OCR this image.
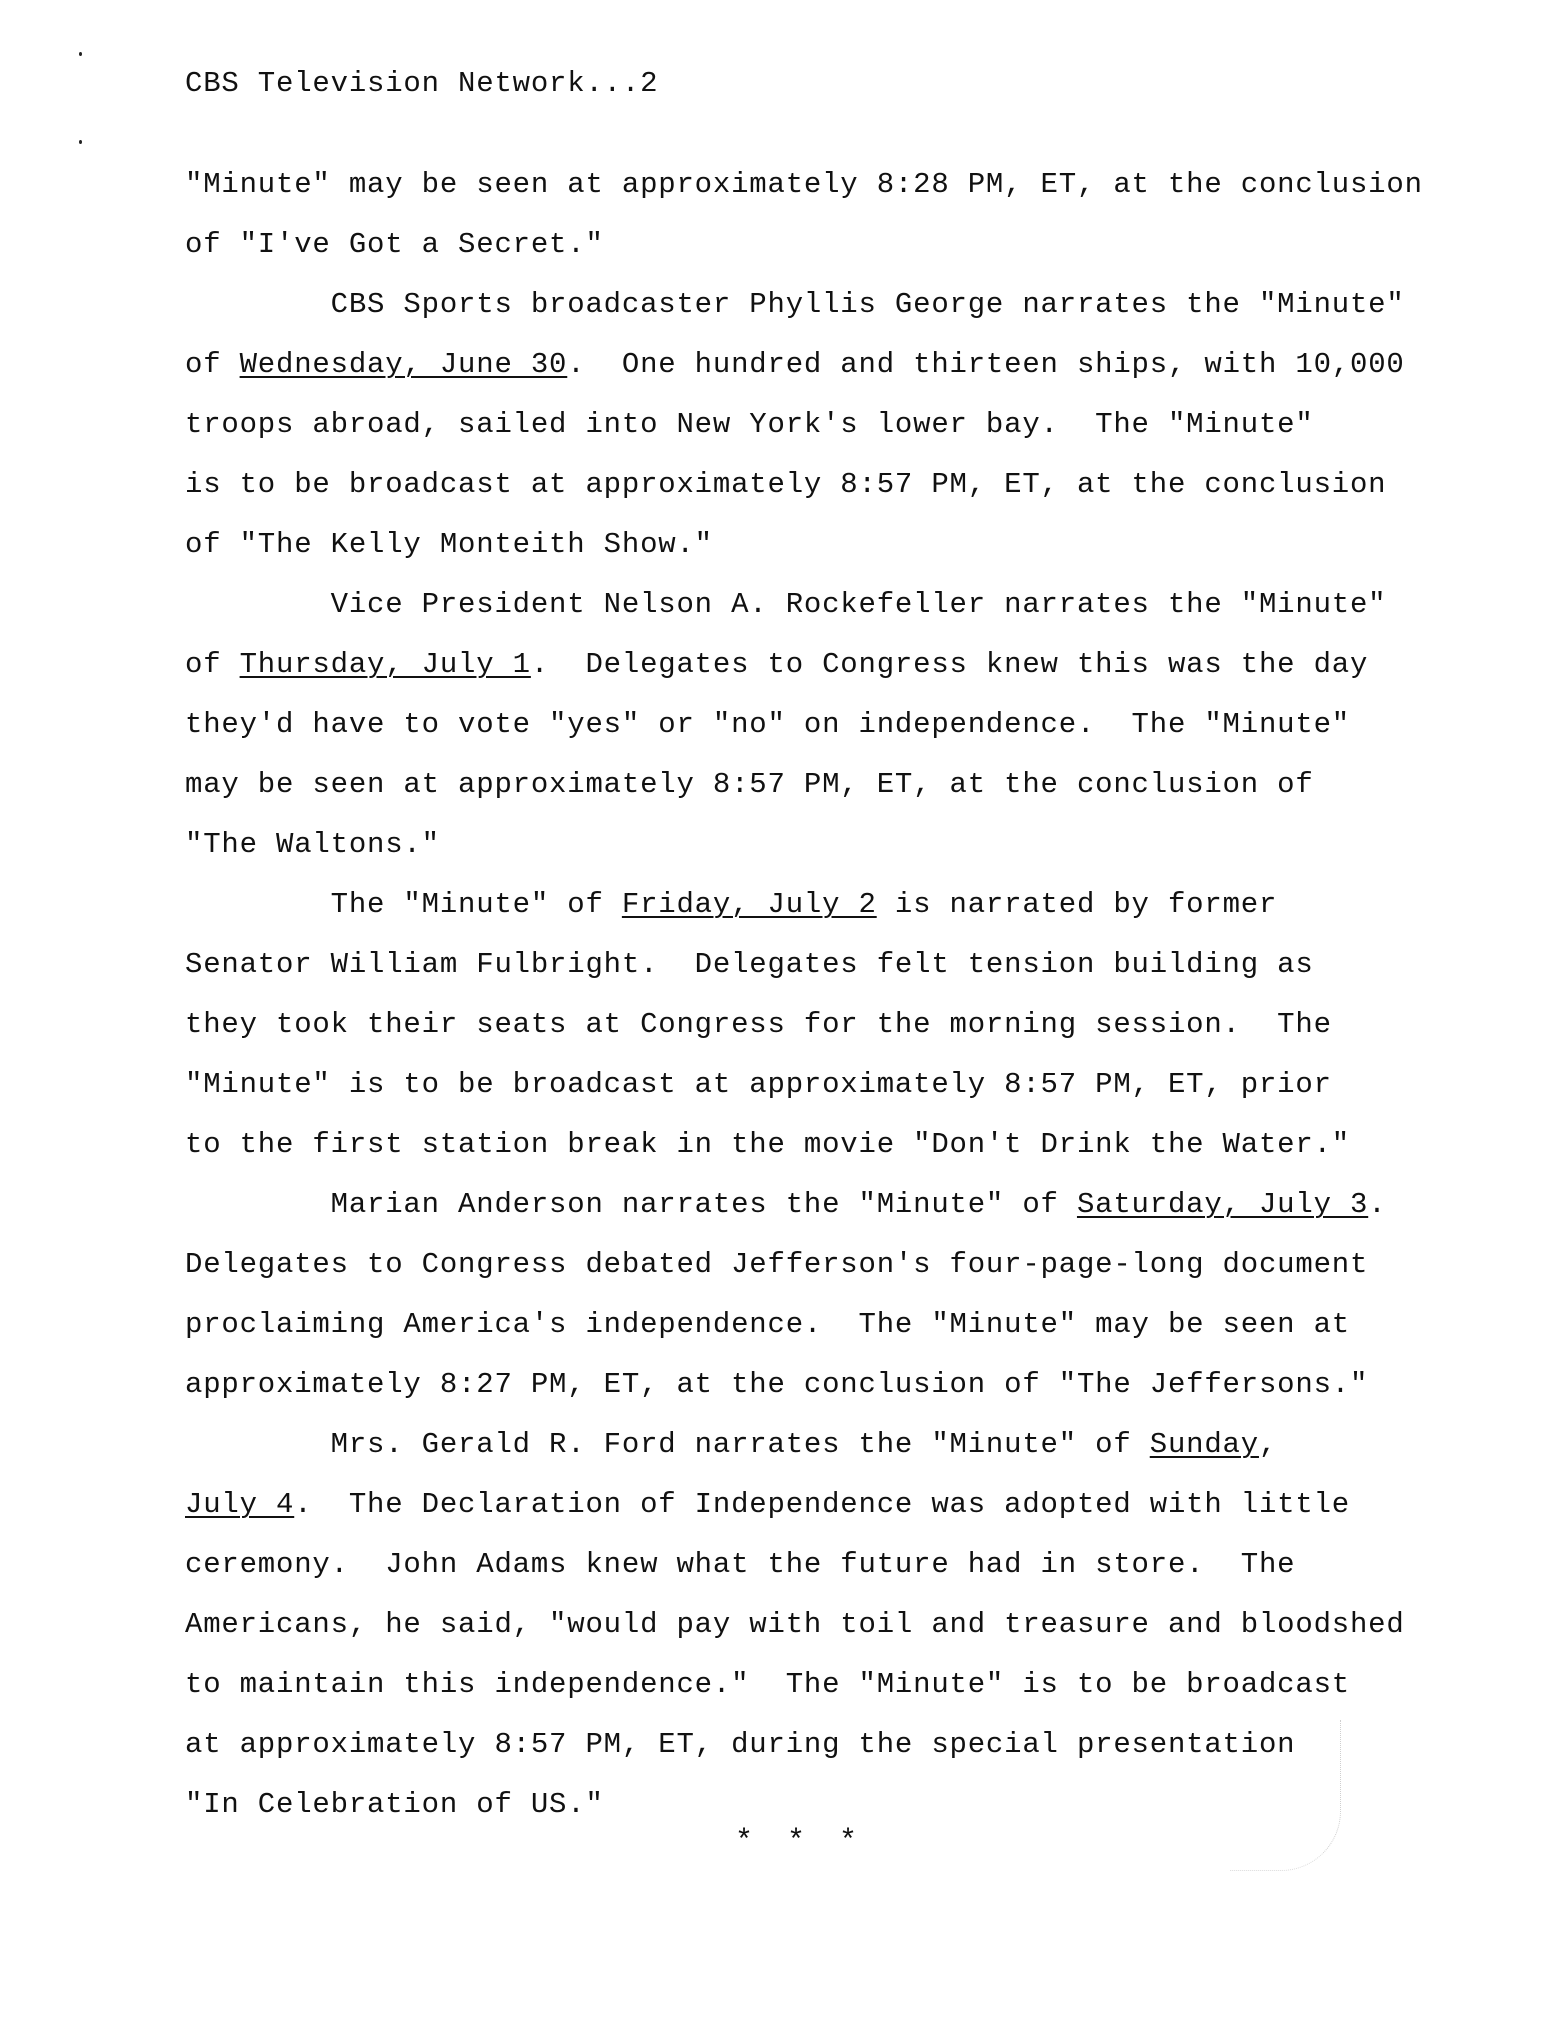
CBS Television Network...2
"Minute" may be seen at approximately 8:28 PM, ET, at the conclusion
of "I've Got a Secret."
CBS Sports broadcaster Phyllis George narrates the "Minute"
of Wednesday, June 30.  One hundred and thirteen ships, with 10,000
troops abroad, sailed into New York's lower bay.  The "Minute"
is to be broadcast at approximately 8:57 PM, ET, at the conclusion
of "The Kelly Monteith Show."
Vice President Nelson A. Rockefeller narrates the "Minute"
of Thursday, July 1.  Delegates to Congress knew this was the day
they'd have to vote "yes" or "no" on independence.  The "Minute"
may be seen at approximately 8:57 PM, ET, at the conclusion of
"The Waltons."
The "Minute" of Friday, July 2 is narrated by former
Senator William Fulbright.  Delegates felt tension building as
they took their seats at Congress for the morning session.  The
"Minute" is to be broadcast at approximately 8:57 PM, ET, prior
to the first station break in the movie "Don't Drink the Water."
Marian Anderson narrates the "Minute" of Saturday, July 3.
Delegates to Congress debated Jefferson's four-page-long document
proclaiming America's independence.  The "Minute" may be seen at
approximately 8:27 PM, ET, at the conclusion of "The Jeffersons."
Mrs. Gerald R. Ford narrates the "Minute" of Sunday,
July 4.  The Declaration of Independence was adopted with little
ceremony.  John Adams knew what the future had in store.  The
Americans, he said, "would pay with toil and treasure and bloodshed
to maintain this independence."  The "Minute" is to be broadcast
at approximately 8:57 PM, ET, during the special presentation
"In Celebration of US."
* * *
